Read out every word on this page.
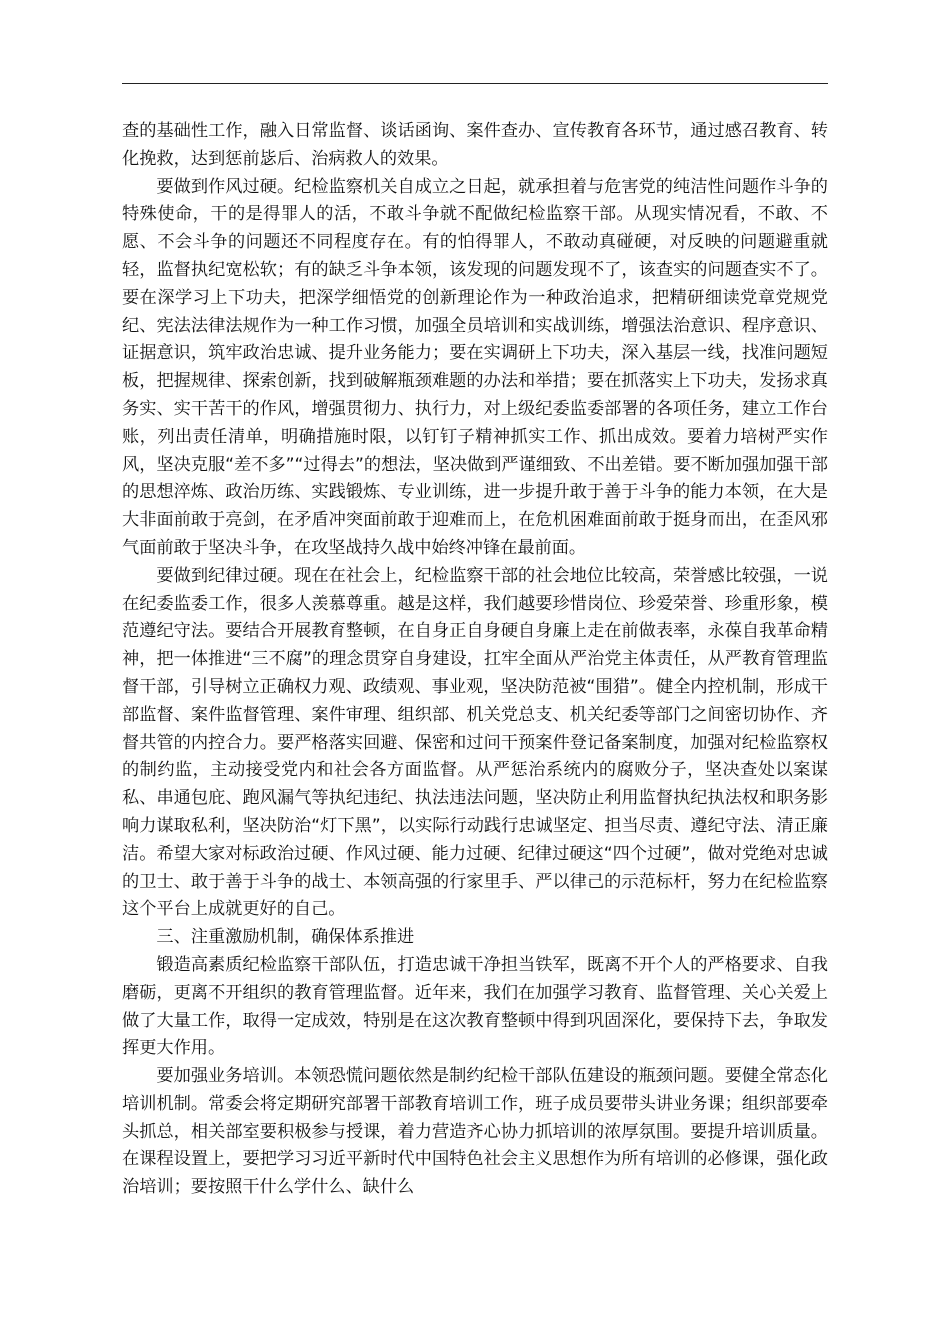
查的基础性工作，融入日常监督、谈话函询、案件查办、宣传教育各环节，通过感召教育、转化挽救，达到惩前毖后、治病救人的效果。

要做到作风过硬。纪检监察机关自成立之日起，就承担着与危害党的纯洁性问题作斗争的特殊使命，干的是得罪人的活，不敢斗争就不配做纪检监察干部。从现实情况看，不敢、不愿、不会斗争的问题还不同程度存在。有的怕得罪人，不敢动真碰硬，对反映的问题避重就轻，监督执纪宽松软；有的缺乏斗争本领，该发现的问题发现不了，该查实的问题查实不了。要在深学习上下功夫，把深学细悟党的创新理论作为一种政治追求，把精研细读党章党规党纪、宪法法律法规作为一种工作习惯，加强全员培训和实战训练，增强法治意识、程序意识、证据意识，筑牢政治忠诚、提升业务能力；要在实调研上下功夫，深入基层一线，找准问题短板，把握规律、探索创新，找到破解瓶颈难题的办法和举措；要在抓落实上下功夫，发扬求真务实、实干苦干的作风，增强贯彻力、执行力，对上级纪委监委部署的各项任务，建立工作台账，列出责任清单，明确措施时限，以钉钉子精神抓实工作、抓出成效。要着力培树严实作风，坚决克服“差不多”“过得去”的想法，坚决做到严谨细致、不出差错。要不断加强加强干部的思想淬炼、政治历练、实践锻炼、专业训练，进一步提升敢于善于斗争的能力本领，在大是大非面前敢于亮剑，在矛盾冲突面前敢于迎难而上，在危机困难面前敢于挺身而出，在歪风邪气面前敢于坚决斗争，在攻坚战持久战中始终冲锋在最前面。

要做到纪律过硬。现在在社会上，纪检监察干部的社会地位比较高，荣誉感比较强，一说在纪委监委工作，很多人羡慕尊重。越是这样，我们越要珍惜岗位、珍爱荣誉、珍重形象，模范遵纪守法。要结合开展教育整顿，在自身正自身硬自身廉上走在前做表率，永葆自我革命精神，把一体推进“三不腐”的理念贯穿自身建设，扛牢全面从严治党主体责任，从严教育管理监督干部，引导树立正确权力观、政绩观、事业观，坚决防范被“围猎”。健全内控机制，形成干部监督、案件监督管理、案件审理、组织部、机关党总支、机关纪委等部门之间密切协作、齐督共管的内控合力。要严格落实回避、保密和过问干预案件登记备案制度，加强对纪检监察权的制约监，主动接受党内和社会各方面监督。从严惩治系统内的腐败分子，坚决查处以案谋私、串通包庇、跑风漏气等执纪违纪、执法违法问题，坚决防止利用监督执纪执法权和职务影响力谋取私利，坚决防治“灯下黑”，以实际行动践行忠诚坚定、担当尽责、遵纪守法、清正廉洁。希望大家对标政治过硬、作风过硬、能力过硬、纪律过硬这“四个过硬”，做对党绝对忠诚的卫士、敢于善于斗争的战士、本领高强的行家里手、严以律己的示范标杆，努力在纪检监察这个平台上成就更好的自己。

三、注重激励机制，确保体系推进

锻造高素质纪检监察干部队伍，打造忠诚干净担当铁军，既离不开个人的严格要求、自我磨砺，更离不开组织的教育管理监督。近年来，我们在加强学习教育、监督管理、关心关爱上做了大量工作，取得一定成效，特别是在这次教育整顿中得到巩固深化，要保持下去，争取发挥更大作用。

要加强业务培训。本领恐慌问题依然是制约纪检干部队伍建设的瓶颈问题。要健全常态化培训机制。常委会将定期研究部署干部教育培训工作，班子成员要带头讲业务课；组织部要牵头抓总，相关部室要积极参与授课，着力营造齐心协力抓培训的浓厚氛围。要提升培训质量。在课程设置上，要把学习习近平新时代中国特色社会主义思想作为所有培训的必修课，强化政治培训；要按照干什么学什么、缺什么
